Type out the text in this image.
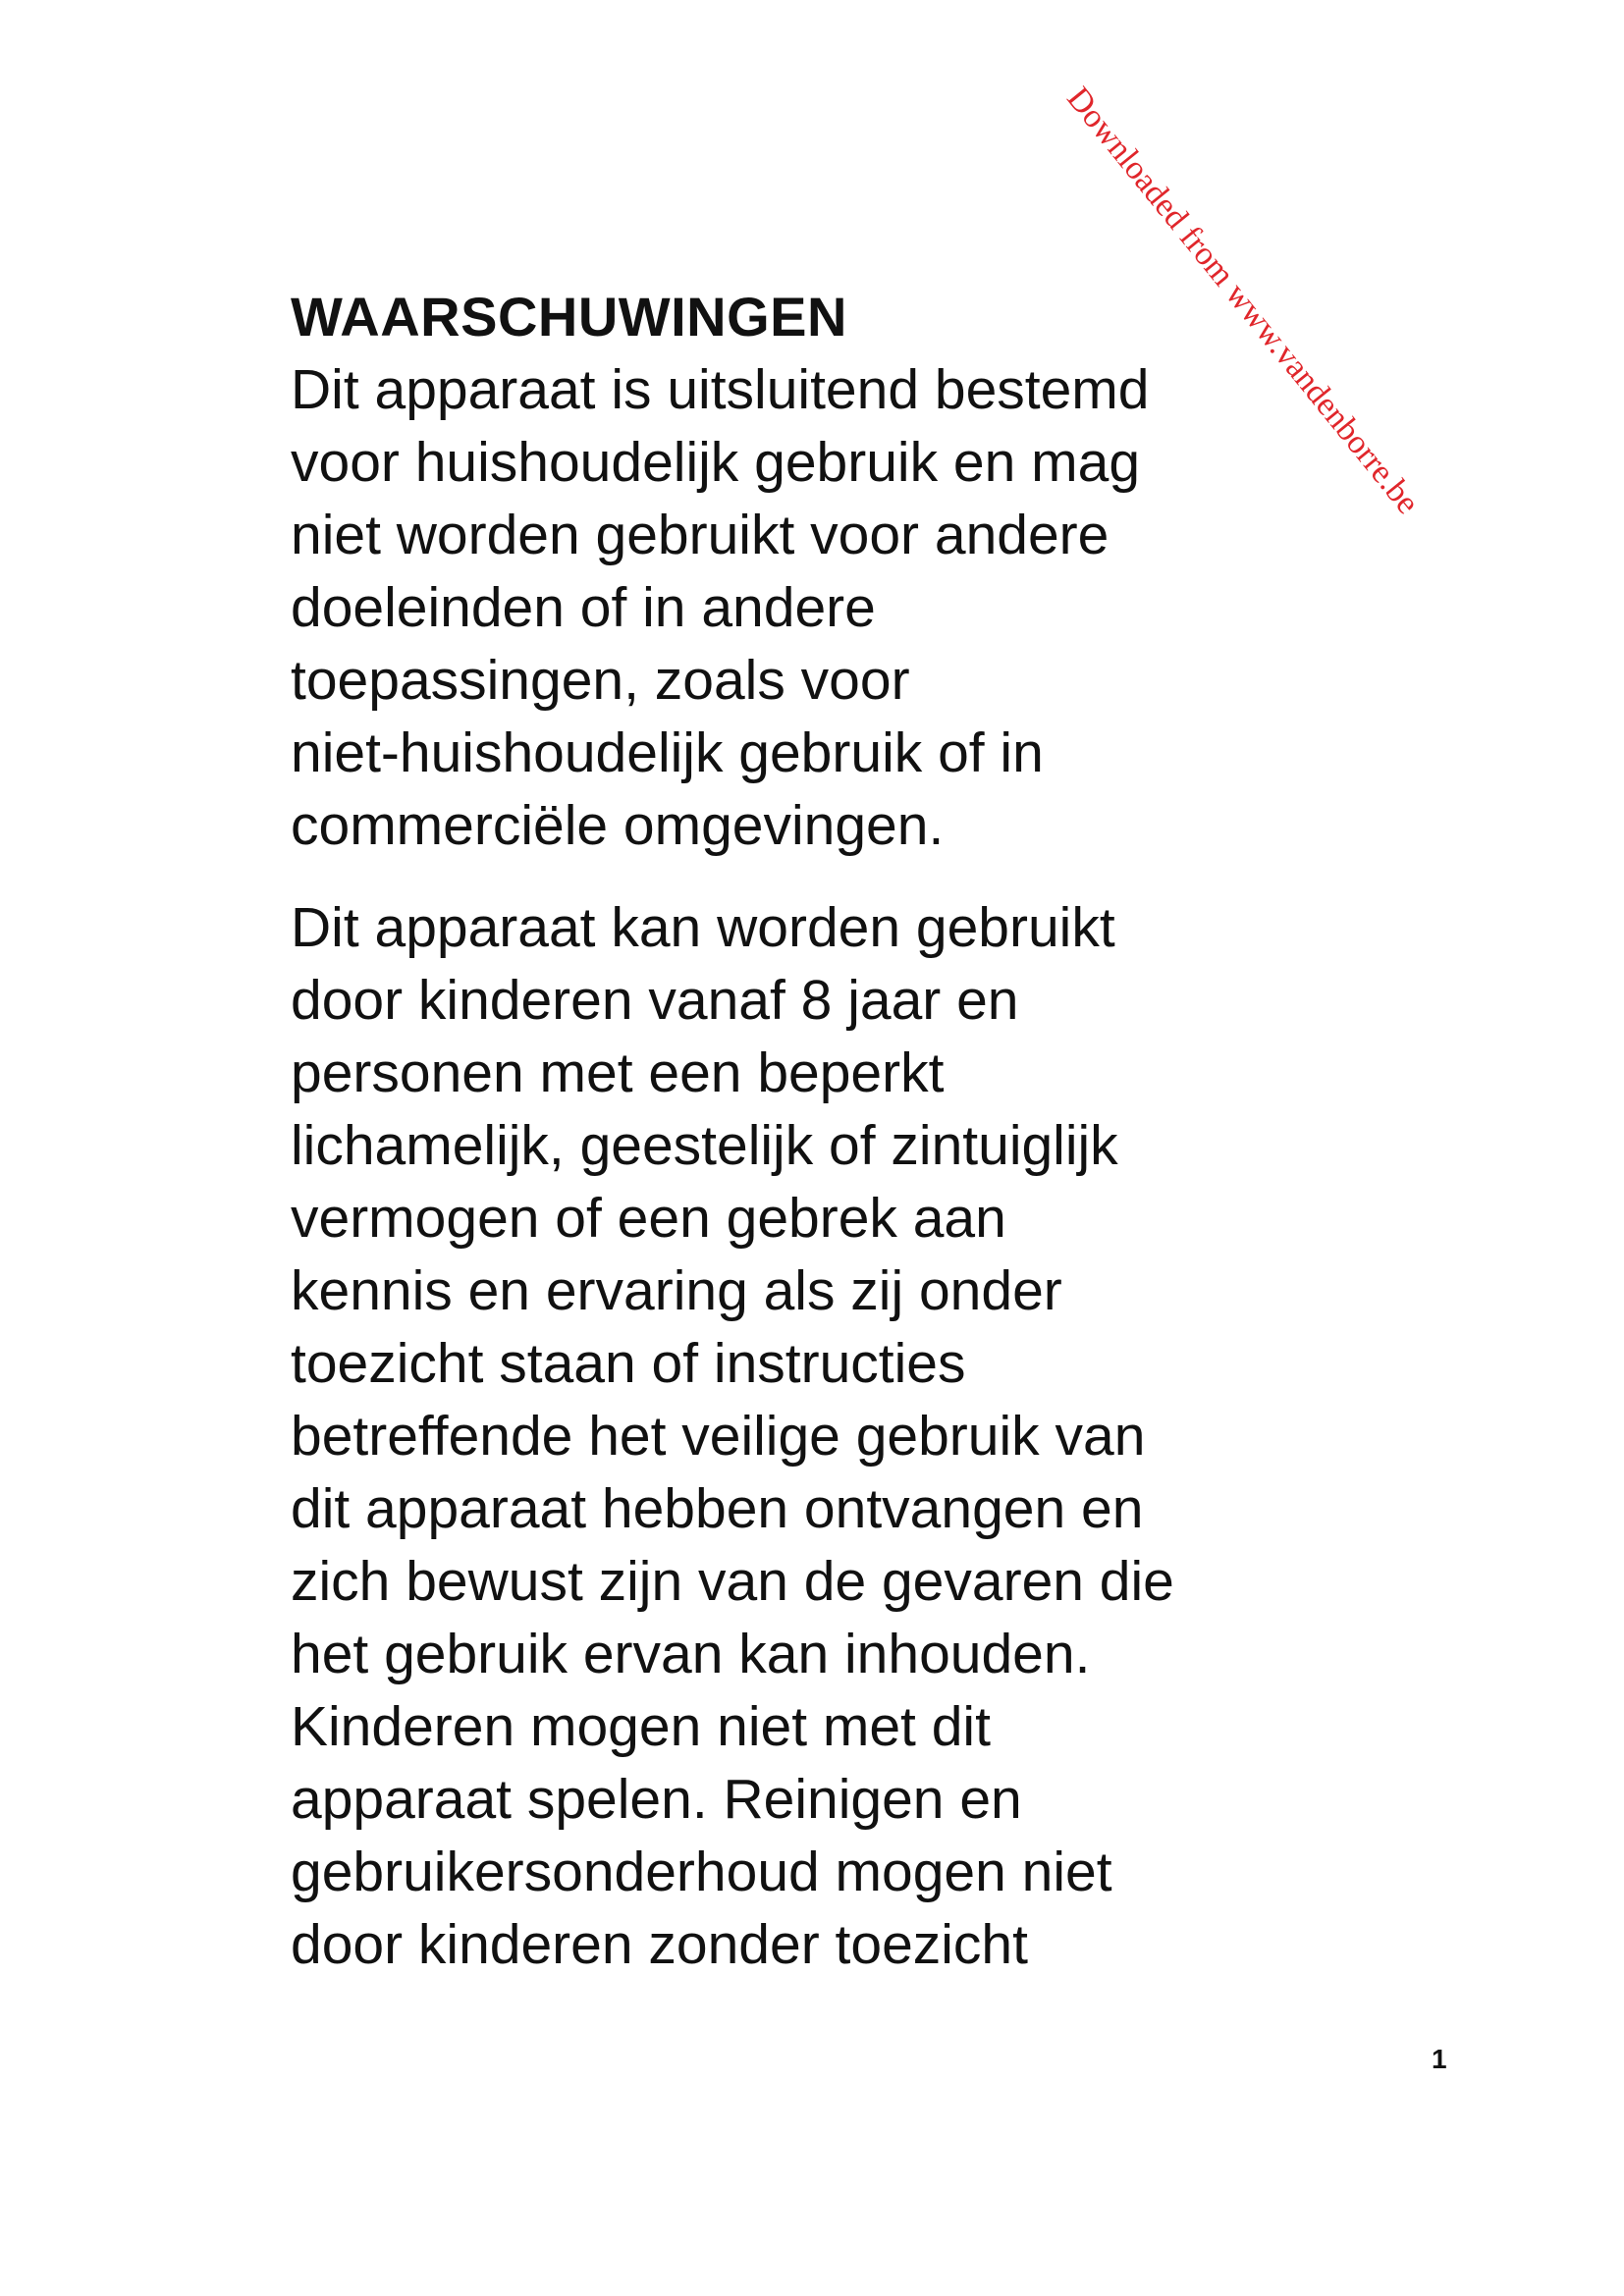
Downloaded from www.vandenborre.be
WAARSCHUWINGEN

Dit apparaat is uitsluitend bestemd
voor huishoudelijk gebruik en mag
niet worden gebruikt voor andere
doeleinden of in andere
toepassingen, zoals voor
niet-huishoudelijk gebruik of in
commerciële omgevingen.

Dit apparaat kan worden gebruikt
door kinderen vanaf 8 jaar en
personen met een beperkt
lichamelijk, geestelijk of zintuiglijk
vermogen of een gebrek aan
kennis en ervaring als zij onder
toezicht staan of instructies
betreffende het veilige gebruik van
dit apparaat hebben ontvangen en
zich bewust zijn van de gevaren die
het gebruik ervan kan inhouden.
Kinderen mogen niet met dit
apparaat spelen. Reinigen en
gebruikersonderhoud mogen niet
door kinderen zonder toezicht

1
